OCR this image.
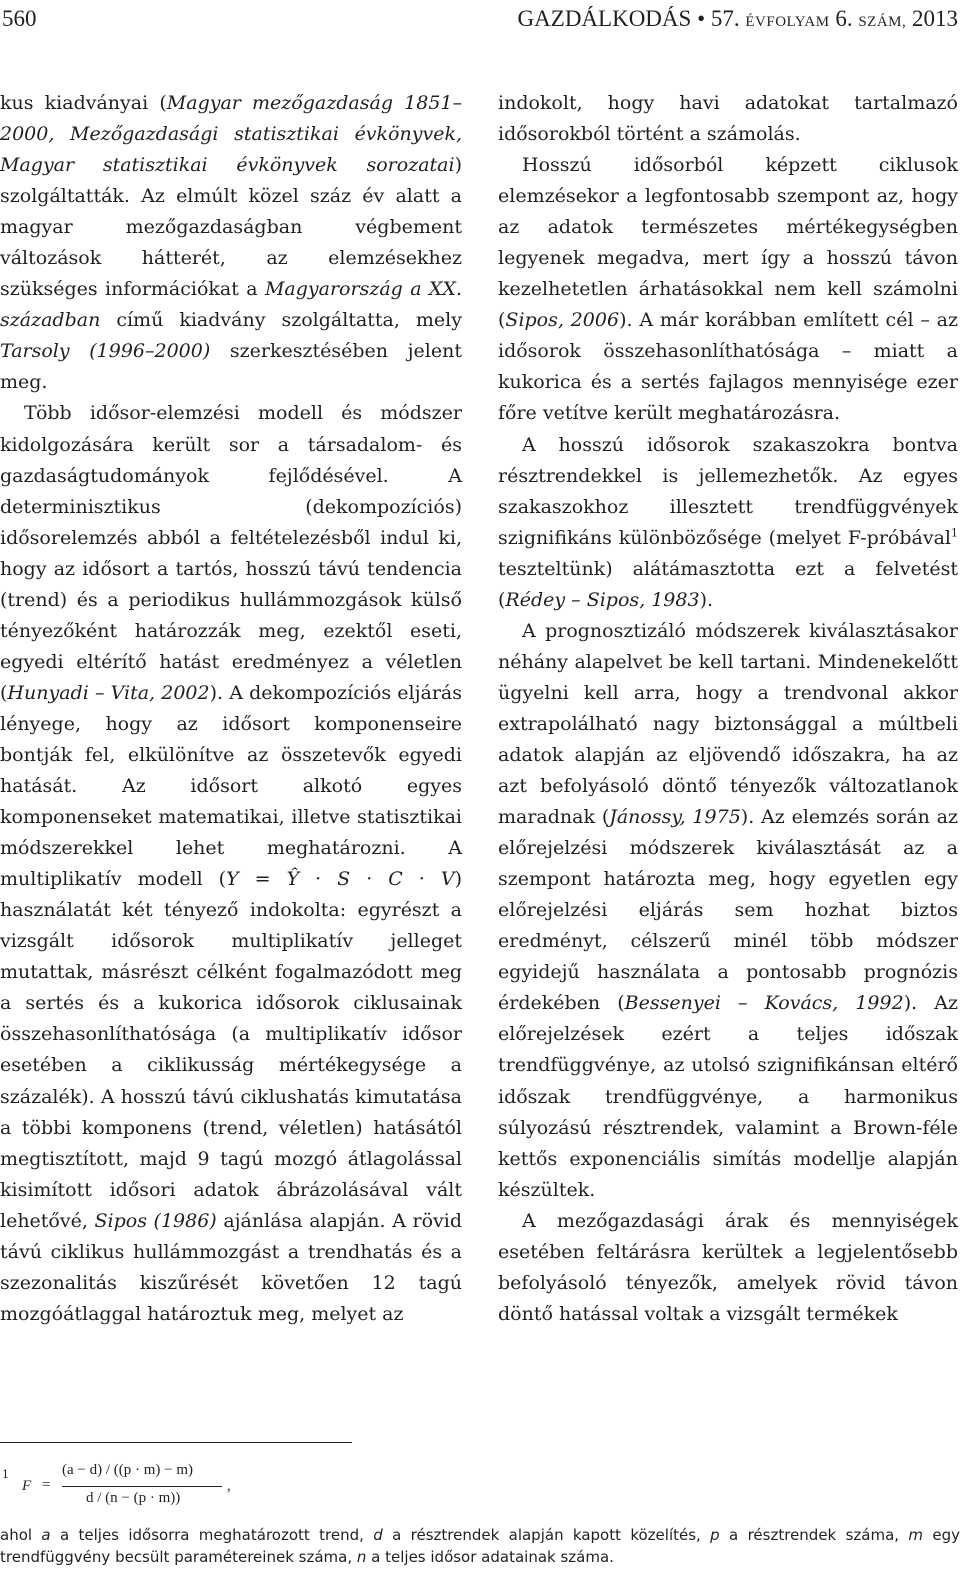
560	GAZDÁLKODÁS • 57. ÉVFOLYAM 6. SZÁM, 2013

kus kiadványai (Magyar mezőgazdaság 1851–2000, Mezőgazdasági statisztikai évkönyvek, Magyar statisztikai évkönyvek sorozatai) szolgáltatták. Az elmúlt közel száz év alatt a magyar mezőgazdaságban végbement változások hátterét, az elemzésekhez szükséges információkat a Magyarország a XX. században című kiadvány szolgáltatta, mely Tarsoly (1996–2000) szerkesztésében jelent meg.

Több idősor-elemzési modell és módszer kidolgozására került sor a társadalom- és gazdaságtudományok fejlődésével. A determinisztikus (dekompozíciós) idősorelemzés abból a feltételezésből indul ki, hogy az idősort a tartós, hosszú távú tendencia (trend) és a periodikus hullámmozgások külső tényezőként határozzák meg, ezektől eseti, egyedi eltérítő hatást eredményez a véletlen (Hunyadi – Vita, 2002). A dekompozíciós eljárás lényege, hogy az idősort komponenseire bontják fel, elkülönítve az összetevők egyedi hatását. Az idősort alkotó egyes komponenseket matematikai, illetve statisztikai módszerekkel lehet meghatározni. A multiplikatív modell (Y = Ŷ · S · C · V) használatát két tényező indokolta: egyrészt a vizsgált idősorok multiplikatív jelleget mutattak, másrészt célként fogalmazódott meg a sertés és a kukorica idősorok ciklusainak összehasonlíthatósága (a multiplikatív idősor esetében a ciklikusság mértékegysége a százalék). A hosszú távú ciklushatás kimutatása a többi komponens (trend, véletlen) hatásától megtisztított, majd 9 tagú mozgó átlagolással kisimított idősori adatok ábrázolásával vált lehetővé, Sipos (1986) ajánlása alapján. A rövid távú ciklikus hullámmozgást a trendhatás és a szezonalitás kiszűrését követően 12 tagú mozgóátlaggal határoztuk meg, melyet az

indokolt, hogy havi adatokat tartalmazó idősorokból történt a számolás.

Hosszú idősorból képzett ciklusok elemzésekor a legfontosabb szempont az, hogy az adatok természetes mértékegységben legyenek megadva, mert így a hosszú távon kezelhetetlen árhatásokkal nem kell számolni (Sipos, 2006). A már korábban említett cél – az idősorok összehasonlíthatósága – miatt a kukorica és a sertés fajlagos mennyisége ezer főre vetítve került meghatározásra.

A hosszú idősorok szakaszokra bontva résztrendekkel is jellemezhetők. Az egyes szakaszokhoz illesztett trendfüggvények szignifikáns különbözősége (melyet F-próbával$^1$ teszteltünk) alátámasztotta ezt a felvetést (Rédey – Sipos, 1983).

A prognosztizáló módszerek kiválasztásakor néhány alapelvet be kell tartani. Mindenekelőtt ügyelni kell arra, hogy a trendvonal akkor extrapolálható nagy biztonsággal a múltbeli adatok alapján az eljövendő időszakra, ha az azt befolyásoló döntő tényezők változatlanok maradnak (Jánossy, 1975). Az elemzés során az előrejelzési módszerek kiválasztását az a szempont határozta meg, hogy egyetlen egy előrejelzési eljárás sem hozhat biztos eredményt, célszerű minél több módszer egyidejű használata a pontosabb prognózis érdekében (Bessenyei – Kovács, 1992). Az előrejelzések ezért a teljes időszak trendfüggvénye, az utolsó szignifikánsan eltérő időszak trendfüggvénye, a harmonikus súlyozású résztrendek, valamint a Brown-féle kettős exponenciális simítás modellje alapján készültek.

A mezőgazdasági árak és mennyiségek esetében feltárásra kerültek a legjelentősebb befolyásoló tényezők, amelyek rövid távon döntő hatással voltak a vizsgált termékek

1
F =
(a − d) / ((p · m) − m)
d / (n − (p · m))
,

ahol a a teljes idősorra meghatározott trend, d a résztrendek alapján kapott közelítés, p a résztrendek száma, m egy trendfüggvény becsült paramétereinek száma, n a teljes idősor adatainak száma.
